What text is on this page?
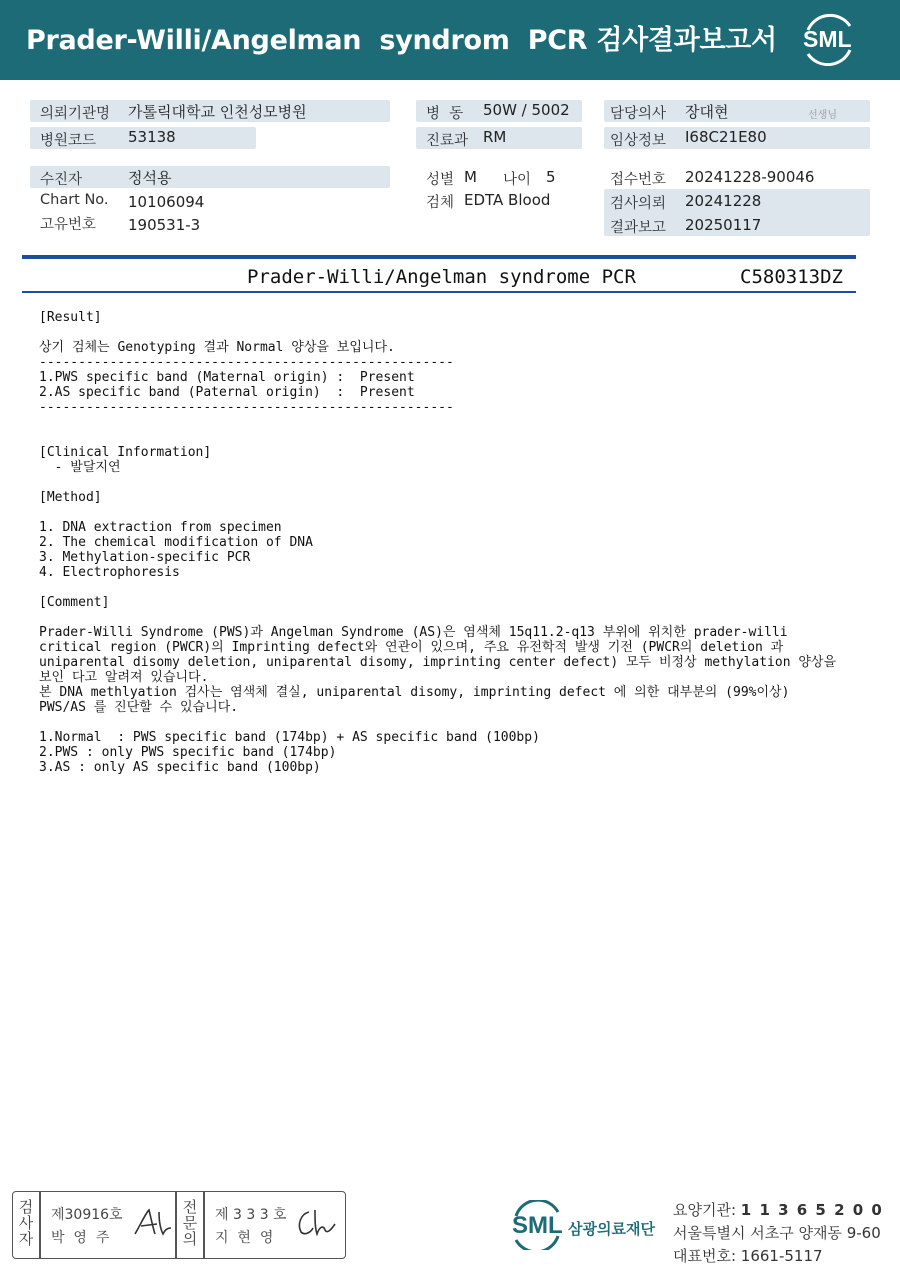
Prader-Willi/Angelman  syndrom  PCR 검사결과보고서 SML
의뢰기관명 가톨릭대학교 인천성모병원
병원코드 53138
병  동 50W / 5002
진료과 RM
담당의사 장대현	선생님
임상정보 I68C21E80
수진자	정석용
Chart No. 10106094
고유번호 190531-3
성별 M 나이 5
검체 EDTA Blood
접수번호 20241228-90046
검사의뢰 20241228
결과보고 20250117
Prader-Willi/Angelman syndrome PCR	C580313DZ
[Result]

상기 검체는 Genotyping 결과 Normal 양상을 보입니다.
-----------------------------------------------------
1.PWS specific band (Maternal origin) :  Present
2.AS specific band (Paternal origin)  :  Present
-----------------------------------------------------

[Clinical Information]
- 발달지연

[Method]

1. DNA extraction from specimen
2. The chemical modification of DNA
3. Methylation-specific PCR
4. Electrophoresis

[Comment]

Prader-Willi Syndrome (PWS)과 Angelman Syndrome (AS)은 염색체 15q11.2-q13 부위에 위치한 prader-willi
critical region (PWCR)의 Imprinting defect와 연관이 있으며, 주요 유전학적 발생 기전 (PWCR의 deletion 과
uniparental disomy deletion, uniparental disomy, imprinting center defect) 모두 비정상 methylation 양상을
보인 다고 알려져 있습니다.
본 DNA methlyation 검사는 염색체 결실, uniparental disomy, imprinting defect 에 의한 대부분의 (99%이상)
PWS/AS 를 진단할 수 있습니다.

1.Normal  : PWS specific band (174bp) + AS specific band (100bp)
2.PWS : only PWS specific band (174bp)
3.AS : only AS specific band (100bp)
검
사
자
제30916호
박  영  주
전
문
의
제 3 3 3 호
지  현  영	SML 삼광의료재단
요양기관: 1 1 3 6 5 2 0 0
서울특별시 서초구 양재동 9-60
대표번호: 1661-5117
